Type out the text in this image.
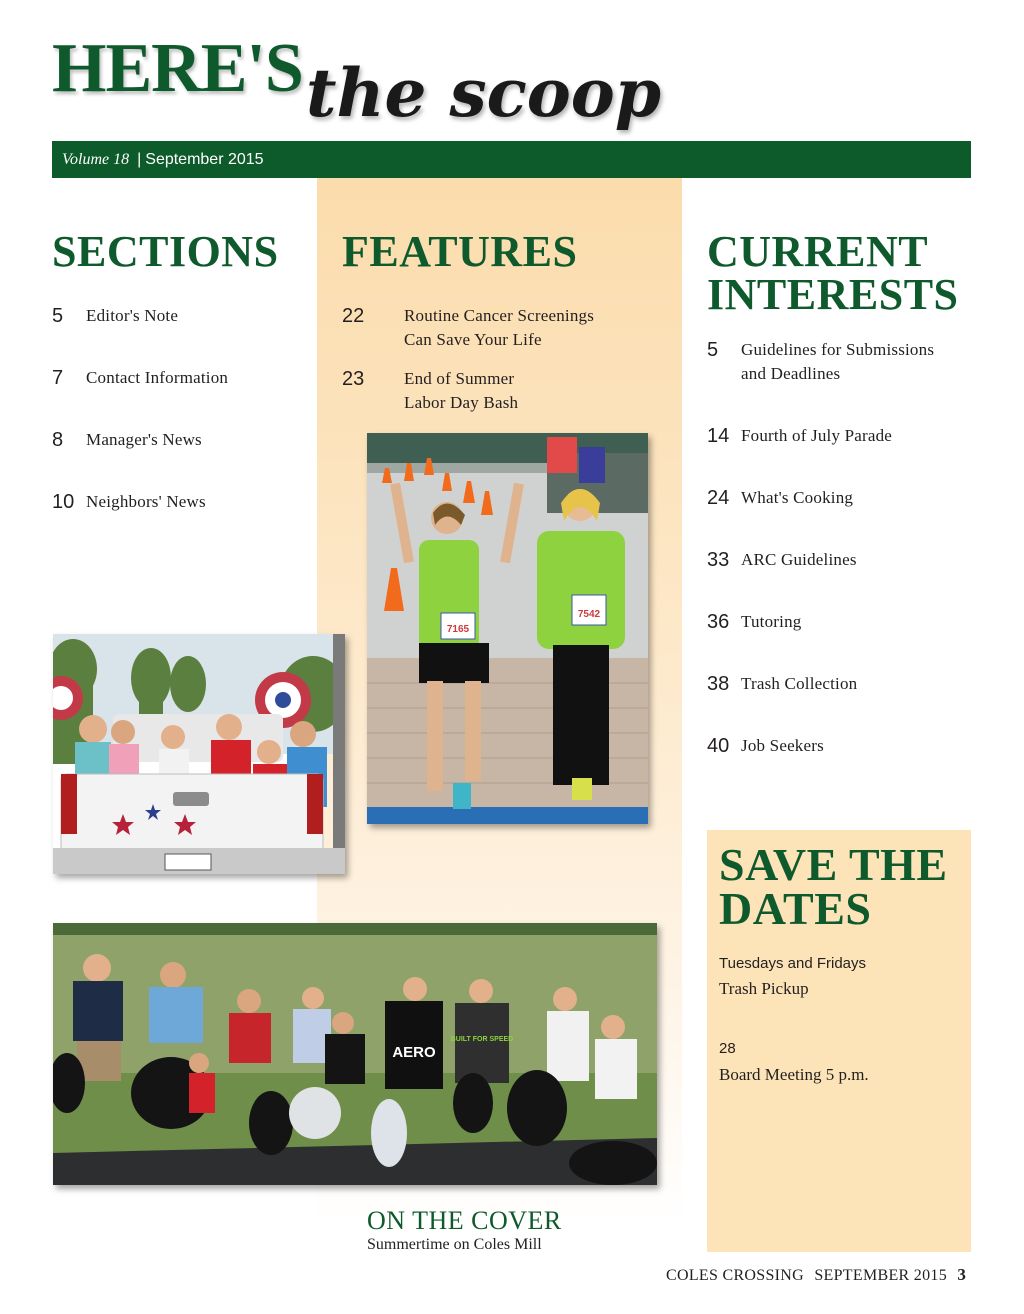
HERE'S the scoop
Volume 18 | September 2015
SECTIONS
5	Editor's Note
7	Contact Information
8	Manager's News
10 Neighbors' News
FEATURES
22	Routine Cancer Screenings
Can Save Your Life
23	End of Summer
Labor Day Bash
CURRENT
INTERESTS
5	Guidelines for Submissions
and Deadlines
14 Fourth of July Parade
24 What's Cooking
33 ARC Guidelines
36 Tutoring
38 Trash Collection
40 Job Seekers
SAVE THE
DATES
Tuesdays and Fridays
Trash Pickup
28
Board Meeting 5 p.m.
7165
7542
AERO
BUILT FOR SPEED
ON THE COVER
Summertime on Coles Mill
COLES CROSSING SEPTEMBER 2015 3
